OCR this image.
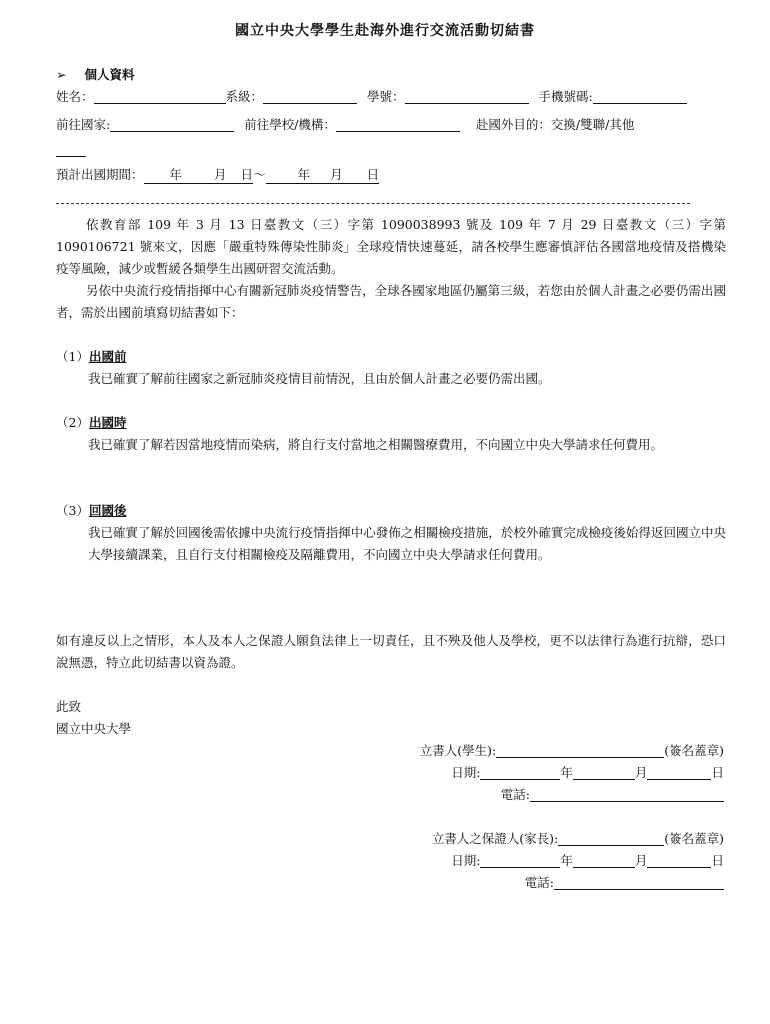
國立中央大學學生赴海外進行交流活動切結書
➢ 個人資料
姓名：	系級：	學號：	手機號碼:
前往國家:	前往學校/機構：	赴國外目的：交換/雙聯/其他
預計出國期間： 年	月 日～	年 月 日
依教育部 109 年 3 月 13 日臺教文（三）字第 1090038993 號及 109 年 7 月 29 日臺教文（三）字第 1090106721 號來文，因應「嚴重特殊傳染性肺炎」全球疫情快速蔓延，請各校學生應審慎評估各國當地疫情及搭機染疫等風險，減少或暫緩各類學生出國研習交流活動。
另依中央流行疫情指揮中心有關新冠肺炎疫情警告，全球各國家地區仍屬第三級，若您由於個人計畫之必要仍需出國者，需於出國前填寫切結書如下：
（1）出國前
我已確實了解前往國家之新冠肺炎疫情目前情況，且由於個人計畫之必要仍需出國。
（2）出國時
我已確實了解若因當地疫情而染病，將自行支付當地之相關醫療費用，不向國立中央大學請求任何費用。
（3）回國後
我已確實了解於回國後需依據中央流行疫情指揮中心發佈之相關檢疫措施，於校外確實完成檢疫後始得返回國立中央大學接續課業，且自行支付相關檢疫及隔離費用，不向國立中央大學請求任何費用。
如有違反以上之情形，本人及本人之保證人願負法律上一切責任，且不殃及他人及學校，更不以法律行為進行抗辯，恐口說無憑，特立此切結書以資為證。
此致
國立中央大學
立書人(學生):	(簽名蓋章)
日期:	年	月	日
電話:
立書人之保證人(家長):	(簽名蓋章)
日期:	年	月	日
電話:
